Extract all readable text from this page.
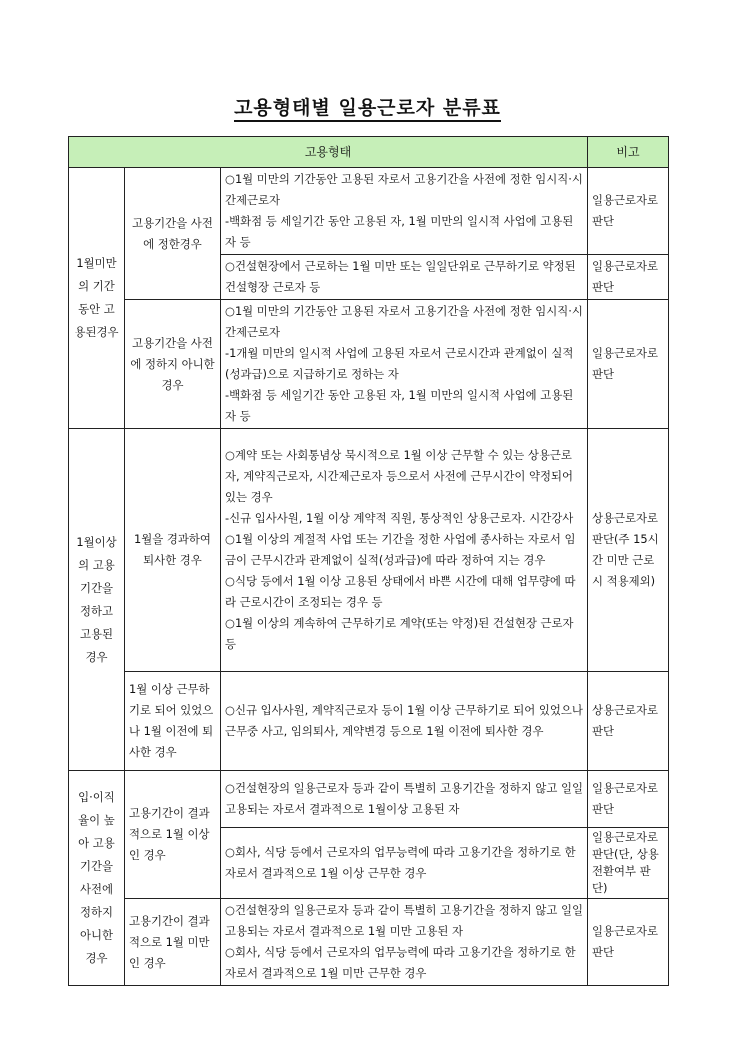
고용형태별 일용근로자 분류표
고용형태			비고
1월미만의 기간 동안 고용된경우	고용기간을 사전에 정한경우	○1월 미만의 기간동안 고용된 자로서 고용기간을 사전에 정한 임시직‧시간제근로자
-백화점 등 세일기간 동안 고용된 자, 1월 미만의 일시적 사업에 고용된 자 등	일용근로자로 판단

		○건설현장에서 근로하는 1월 미만 또는 일일단위로 근무하기로 약정된 건설형장 근로자 등	일용근로자로 판단
	고용기간을 사전에 정하지 아니한 경우	○1월 미만의 기간동안 고용된 자로서 고용기간을 사전에 정한 임시직‧시간제근로자
-1개월 미만의 일시적 사업에 고용된 자로서 근로시간과 관계없이 실적(성과급)으로 지급하기로 정하는 자
-백화점 등 세일기간 동안 고용된 자, 1월 미만의 일시적 사업에 고용된 자 등	일용근로자로 판단
1월이상의 고용기간을 정하고 고용된 경우	1월을 경과하여 퇴사한 경우	○계약 또는 사회통념상 묵시적으로 1월 이상 근무할 수 있는 상용근로자, 계약직근로자, 시간제근로자 등으로서 사전에 근무시간이 약정되어 있는 경우
-신규 입사사원, 1월 이상 계약적 직원, 통상적인 상용근로자. 시간강사
○1월 이상의 계절적 사업 또는 기간을 정한 사업에 종사하는 자로서 임금이 근무시간과 관계없이 실적(성과급)에 따라 정하여 지는 경우
○식당 등에서 1월 이상 고용된 상태에서 바쁜 시간에 대해 업무량에 따라 근로시간이 조정되는 경우 등
○1월 이상의 계속하여 근무하기로 계약(또는 약정)된 건설현장 근로자 등	상용근로자로 판단(주 15시간 미만 근로시 적용제외)
	1월 이상 근무하기로 되어 있었으나 1월 이전에 퇴사한 경우	○신규 입사사원, 계약직근로자 등이 1월 이상 근무하기로 되어 있었으나 근무중 사고, 임의퇴사, 계약변경 등으로 1월 이전에 퇴사한 경우	상용근로자로 판단
입‧이직율이 높아 고용기간을 사전에 정하지 아니한 경우	고용기간이 결과적으로 1월 이상인 경우	○건설현장의 일용근로자 등과 같이 특별히 고용기간을 정하지 않고 일일 고용되는 자로서 결과적으로 1월이상 고용된 자	일용근로자로 판단

		○회사, 식당 등에서 근로자의 업무능력에 따라 고용기간을 정하기로 한 자로서 결과적으로 1월 이상 근무한 경우	일용근로자로 판단(단, 상용전환여부 판단)
	고용기간이 결과적으로 1월 미만인 경우	○건설현장의 일용근로자 등과 같이 특별히 고용기간을 정하지 않고 일일 고용되는 자로서 결과적으로 1월 미만 고용된 자
○회사, 식당 등에서 근로자의 업무능력에 따라 고용기간을 정하기로 한 자로서 결과적으로 1월 미만 근무한 경우	일용근로자로 판단
